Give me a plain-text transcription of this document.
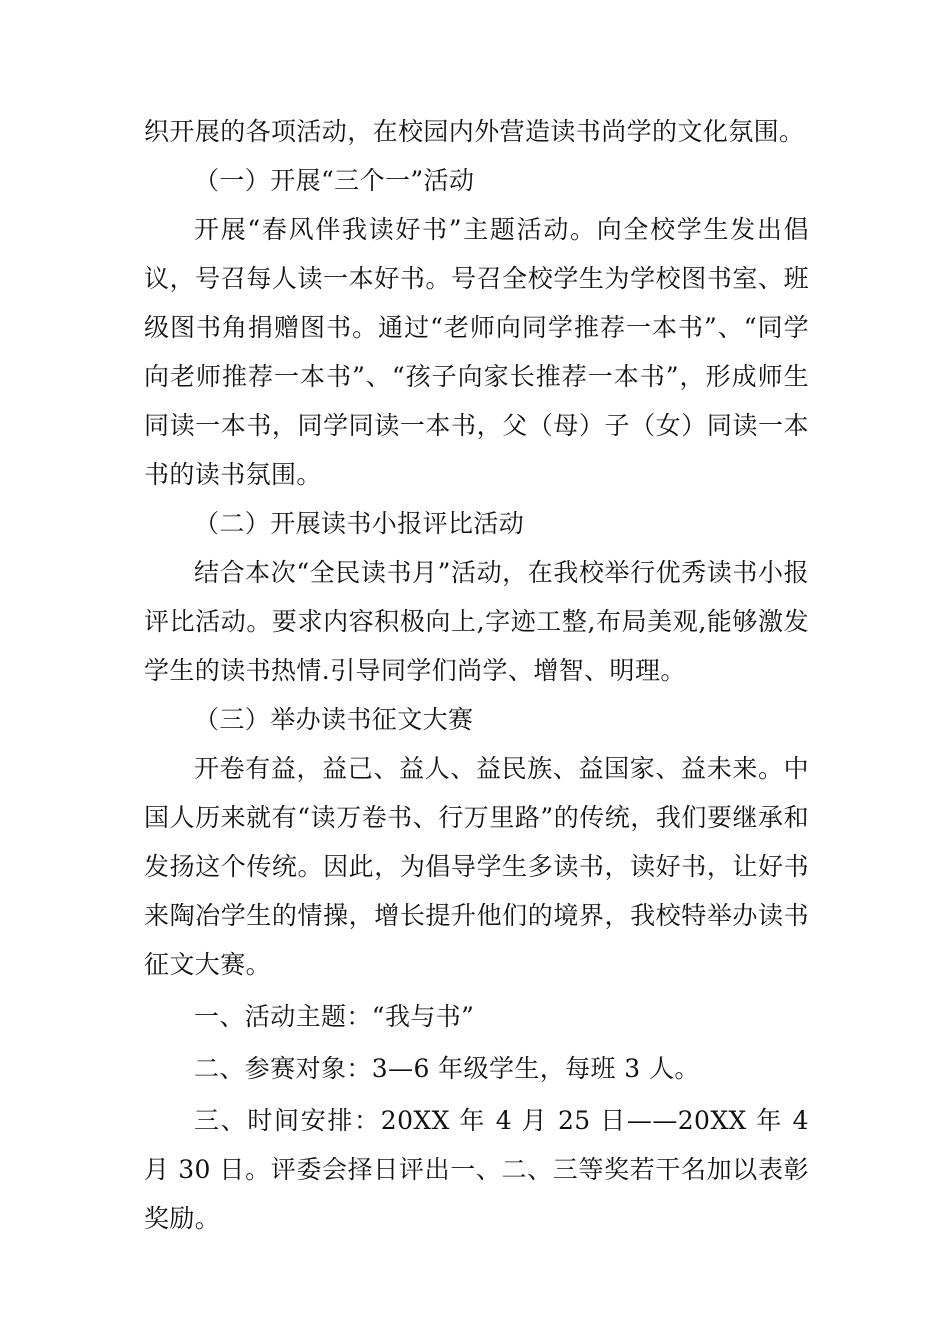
织开展的各项活动，在校园内外营造读书尚学的文化氛围。

（一）开展“三个一”活动

开展“春风伴我读好书”主题活动。向全校学生发出倡议，号召每人读一本好书。号召全校学生为学校图书室、班级图书角捐赠图书。通过“老师向同学推荐一本书”、“同学向老师推荐一本书”、“孩子向家长推荐一本书”，形成师生同读一本书，同学同读一本书，父（母）子（女）同读一本书的读书氛围。

（二）开展读书小报评比活动

结合本次“全民读书月”活动，在我校举行优秀读书小报评比活动。要求内容积极向上,字迹工整,布局美观,能够激发学生的读书热情.引导同学们尚学、增智、明理。

（三）举办读书征文大赛

开卷有益，益己、益人、益民族、益国家、益未来。中国人历来就有“读万卷书、行万里路”的传统，我们要继承和发扬这个传统。因此，为倡导学生多读书，读好书，让好书来陶冶学生的情操，增长提升他们的境界，我校特举办读书征文大赛。

一、活动主题：“我与书”

二、参赛对象：3—6 年级学生，每班 3 人。

三、时间安排：20XX 年 4 月 25 日——20XX 年 4 月 30 日。评委会择日评出一、二、三等奖若干名加以表彰奖励。
